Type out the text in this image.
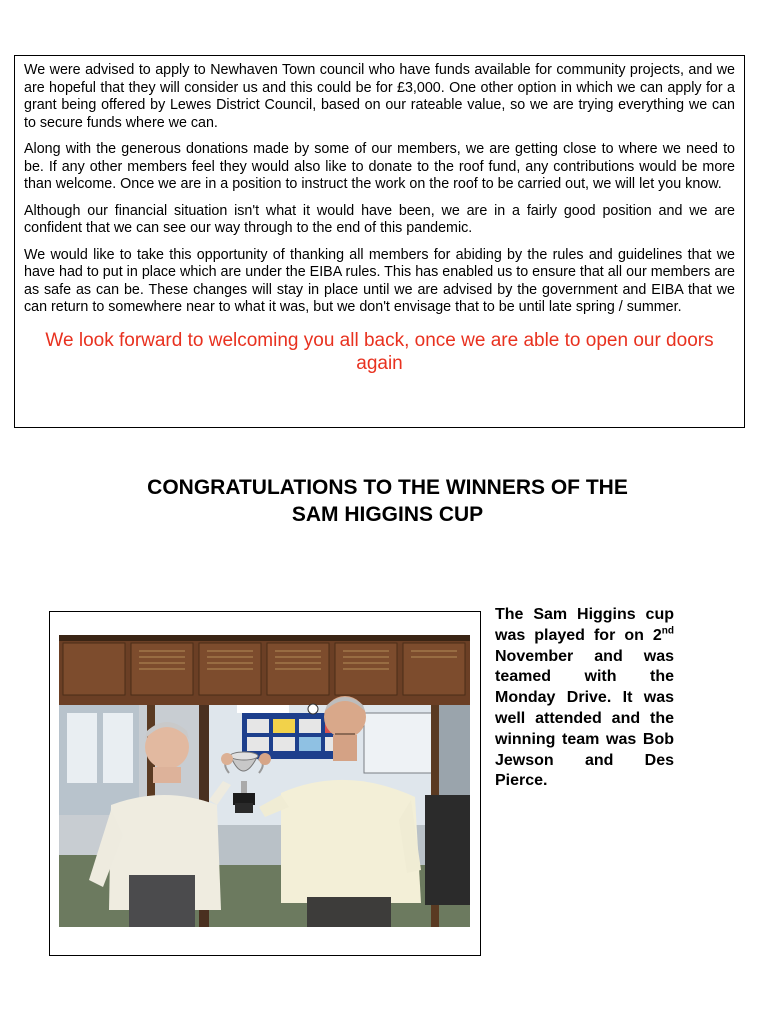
We were advised to apply to Newhaven Town council who have funds available for community projects, and we are hopeful that they will consider us and this could be for £3,000. One other option in which we can apply for a grant being offered by Lewes District Council, based on our rateable value, so we are trying everything we can to secure funds where we can.

Along with the generous donations made by some of our members, we are getting close to where we need to be. If any other members feel they would also like to donate to the roof fund, any contributions would be more than welcome. Once we are in a position to instruct the work on the roof to be carried out, we will let you know.

Although our financial situation isn't what it would have been, we are in a fairly good position and we are confident that we can see our way through to the end of this pandemic.

We would like to take this opportunity of thanking all members for abiding by the rules and guidelines that we have had to put in place which are under the EIBA rules. This has enabled us to ensure that all our members are as safe as can be. These changes will stay in place until we are advised by the government and EIBA that we can return to somewhere near to what it was, but we don't envisage that to be until late spring / summer.

We look forward to welcoming you all back, once we are able to open our doors again
CONGRATULATIONS TO THE WINNERS OF THE
SAM HIGGINS CUP

The Sam Higgins cup was played for on 2nd November and was teamed with the Monday Drive. It was well attended and the winning team was Bob Jewson and Des Pierce.
